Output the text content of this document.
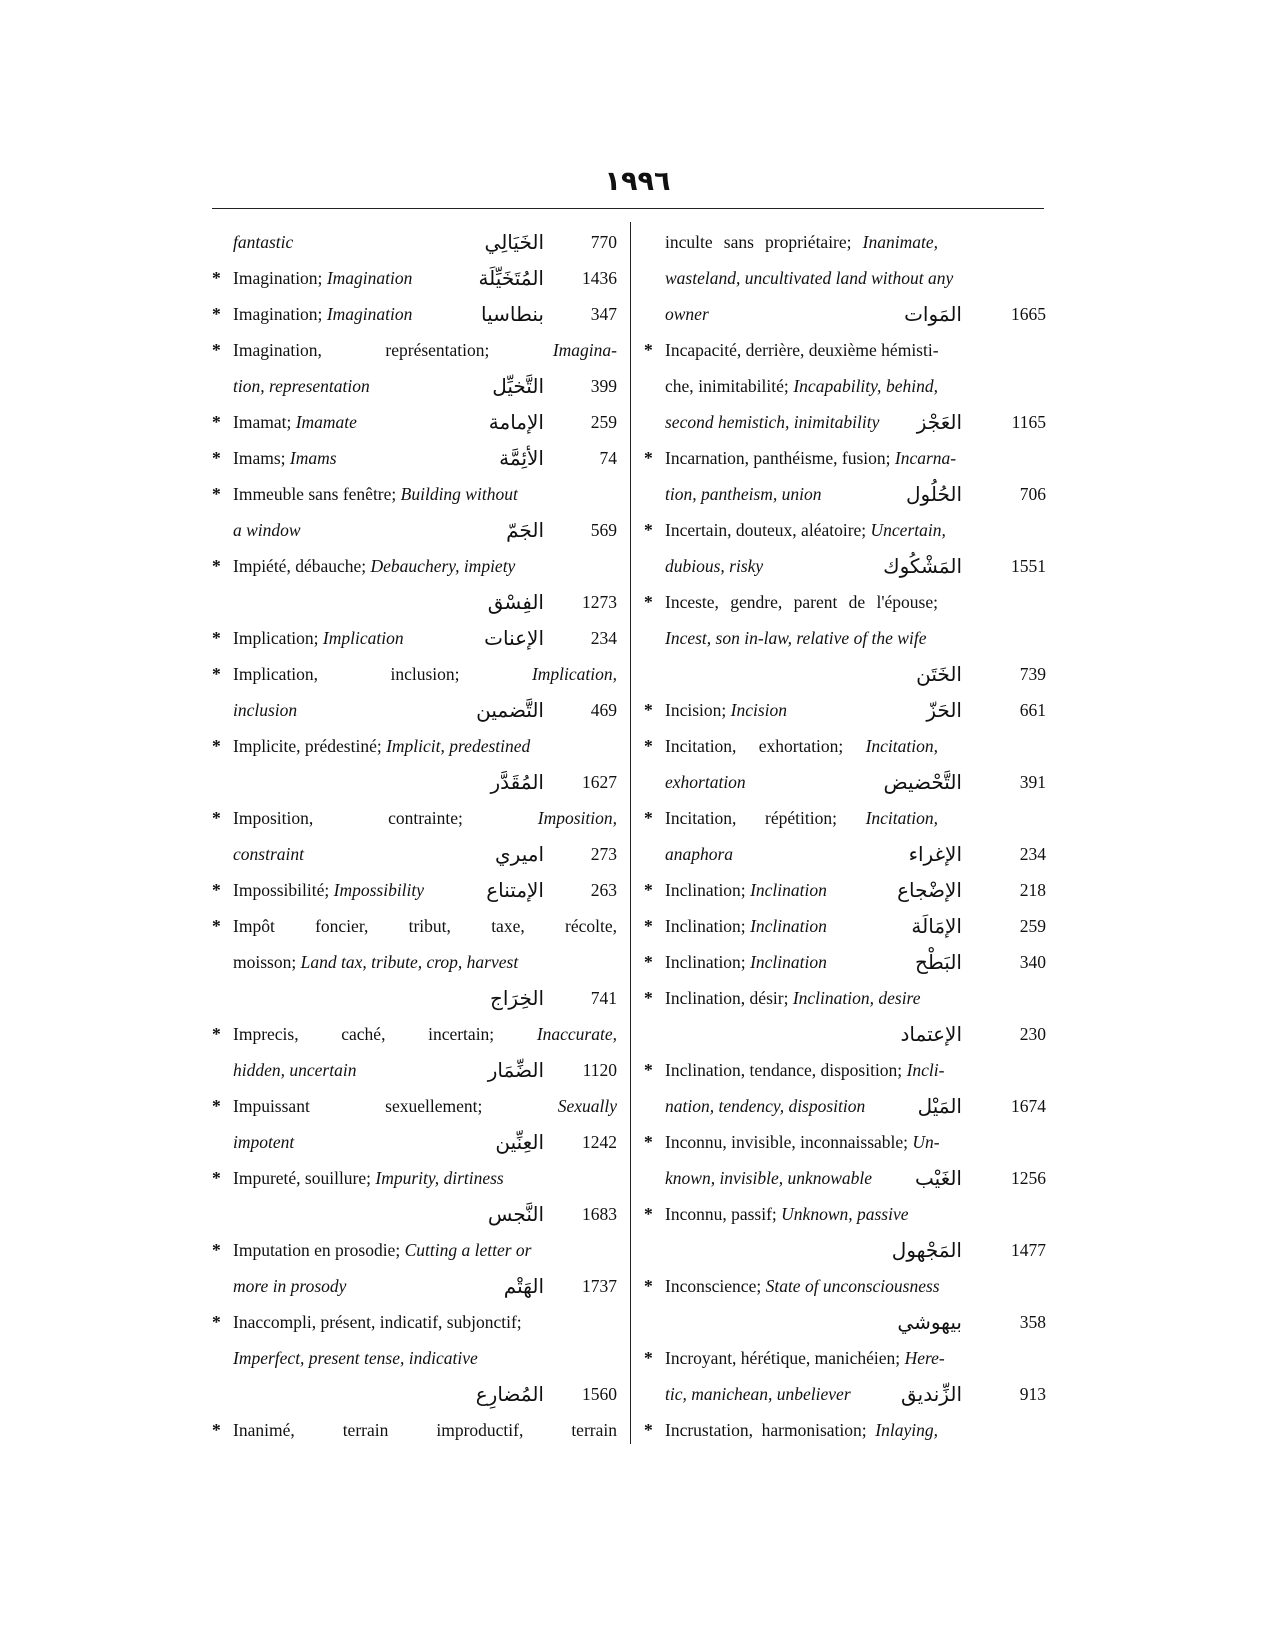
١٩٩٦
fantastic	الخَيَالِي	770
* Imagination; Imagination	المُتَخَيِّلَة	1436
* Imagination; Imagination	بنطاسيا	347
* Imagination, représentation; Imagina-
tion, representation	التَّخيِّل	399
* Imamat; Imamate	الإمامة	259
* Imams; Imams	الأئِمَّة	74
* Immeuble sans fenêtre; Building without
a window	الجَمّ	569
* Impiété, débauche; Debauchery, impiety
الفِسْق	1273
* Implication; Implication	الإعنات	234
* Implication, inclusion; Implication,
inclusion	التَّضمين	469
* Implicite, prédestiné; Implicit, predestined
المُقَدَّر	1627
* Imposition, contrainte; Imposition,
constraint	اميري	273
* Impossibilité; Impossibility	الإمتناع	263
* Impôt foncier, tribut, taxe, récolte,
moisson; Land tax, tribute, crop, harvest
الخِرَاج	741
* Imprecis, caché, incertain; Inaccurate,
hidden, uncertain	الضِّمَار	1120
* Impuissant sexuellement; Sexually
impotent	العِنِّين	1242
* Impureté, souillure; Impurity, dirtiness
النَّجس	1683
* Imputation en prosodie; Cutting a letter or
more in prosody	الهَتْم	1737
* Inaccompli, présent, indicatif, subjonctif;
Imperfect, present tense, indicative
المُضارِع	1560
* Inanimé, terrain improductif, terrain
inculte sans propriétaire; Inanimate,
wasteland, uncultivated land without any
owner	المَوات	1665
* Incapacité, derrière, deuxième hémisti-
che, inimitabilité; Incapability, behind,
second hemistich, inimitability العَجْز	1165
* Incarnation, panthéisme, fusion; Incarna-
tion, pantheism, union	الحُلُول	706
* Incertain, douteux, aléatoire; Uncertain,
dubious, risky	المَشْكُوك	1551
* Inceste, gendre, parent de l'épouse;
Incest, son in-law, relative of the wife
الخَتَن	739
* Incision; Incision	الحَزّ	661
* Incitation, exhortation; Incitation,
exhortation	التَّحْضيض	391
* Incitation, répétition; Incitation,
anaphora	الإغراء	234
* Inclination; Inclination	الإضْجاع	218
* Inclination; Inclination	الإمَالَة	259
* Inclination; Inclination	البَطْح	340
* Inclination, désir; Inclination, desire
الإعتماد	230
* Inclination, tendance, disposition; Incli-
nation, tendency, disposition	المَيْل	1674
* Inconnu, invisible, inconnaissable; Un-
known, invisible, unknowable الغَيْب	1256
* Inconnu, passif; Unknown, passive
المَجْهول	1477
* Inconscience; State of unconsciousness
بيهوشي	358
* Incroyant, hérétique, manichéien; Here-
tic, manichean, unbeliever	الزِّنديق	913
* Incrustation, harmonisation; Inlaying,
